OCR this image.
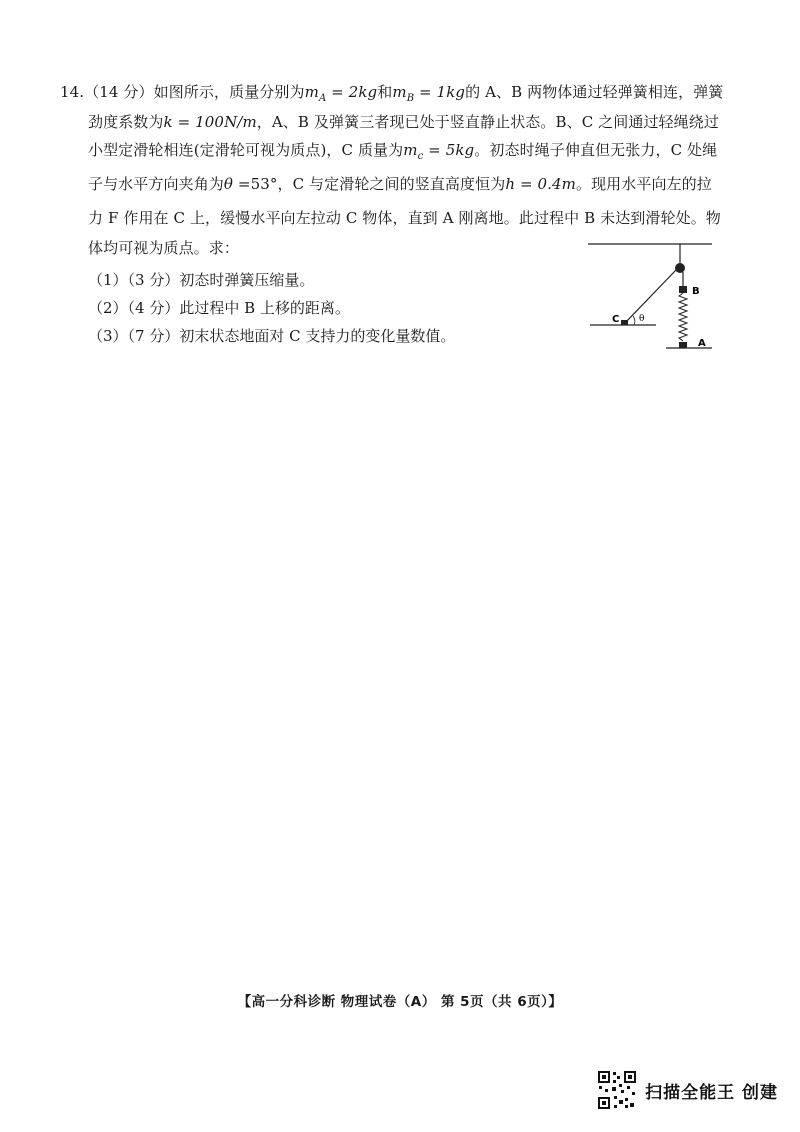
14.（14 分）如图所示，质量分别为$m_A = 2kg$和$m_B = 1kg$的 A、B 两物体通过轻弹簧相连，弹簧
劲度系数为k = 100N/m，A、B 及弹簧三者现已处于竖直静止状态。B、C 之间通过轻绳绕过
小型定滑轮相连(定滑轮可视为质点)，C 质量为$m_c = 5kg$。初态时绳子伸直但无张力，C 处绳
子与水平方向夹角为θ =53°，C 与定滑轮之间的竖直高度恒为h = 0.4m。现用水平向左的拉
力 F 作用在 C 上，缓慢水平向左拉动 C 物体，直到 A 刚离地。此过程中 B 未达到滑轮处。物
体均可视为质点。求：
（1）（3 分）初态时弹簧压缩量。
（2）（4 分）此过程中 B 上移的距离。
（3）（7 分）初末状态地面对 C 支持力的变化量数值。
B
A
C θ
【高一分科诊断 物理试卷（A） 第 5页（共 6页）】
扫描全能王 创建
